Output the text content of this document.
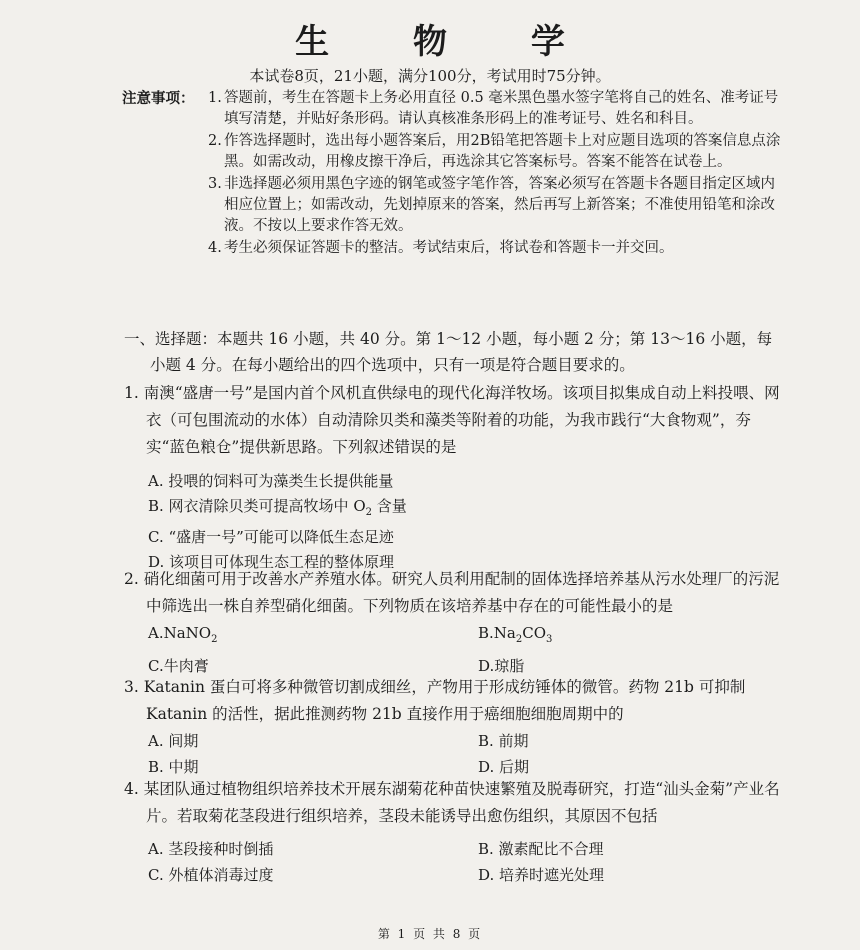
生 物 学
本试卷8页，21小题，满分100分，考试用时75分钟。
注意事项： 1. 答题前，考生在答题卡上务必用直径 0.5 毫米黑色墨水签字笔将自己的姓名、准考证号填写清楚，并贴好条形码。请认真核准条形码上的准考证号、姓名和科目。
2. 作答选择题时，选出每小题答案后，用2B铅笔把答题卡上对应题目选项的答案信息点涂黑。如需改动，用橡皮擦干净后，再选涂其它答案标号。答案不能答在试卷上。
3. 非选择题必须用黑色字迹的钢笔或签字笔作答，答案必须写在答题卡各题目指定区域内相应位置上；如需改动，先划掉原来的答案，然后再写上新答案；不准使用铅笔和涂改液。不按以上要求作答无效。
4. 考生必须保证答题卡的整洁。考试结束后，将试卷和答题卡一并交回。
一、选择题：本题共 16 小题，共 40 分。第 1～12 小题，每小题 2 分；第 13～16 小题，每小题 4 分。在每小题给出的四个选项中，只有一项是符合题目要求的。
1. 南澳“盛唐一号”是国内首个风机直供绿电的现代化海洋牧场。该项目拟集成自动上料投喂、网衣（可包围流动的水体）自动清除贝类和藻类等附着的功能，为我市践行“大食物观”，夯实“蓝色粮仓”提供新思路。下列叙述错误的是
A. 投喂的饲料可为藻类生长提供能量
B. 网衣清除贝类可提高牧场中 $O_2$ 含量
C. “盛唐一号”可能可以降低生态足迹
D. 该项目可体现生态工程的整体原理
2. 硝化细菌可用于改善水产养殖水体。研究人员利用配制的固体选择培养基从污水处理厂的污泥中筛选出一株自养型硝化细菌。下列物质在该培养基中存在的可能性最小的是
A.NaNO$_2$	$B.Na_2CO_3$
C.牛肉膏	D.琼脂
3. Katanin 蛋白可将多种微管切割成细丝，产物用于形成纺锤体的微管。药物 21b 可抑制 Katanin 的活性，据此推测药物 21b 直接作用于癌细胞细胞周期中的
A. 间期	B. 前期
B. 中期	D. 后期
4. 某团队通过植物组织培养技术开展东湖菊花种苗快速繁殖及脱毒研究，打造“汕头金菊”产业名片。若取菊花茎段进行组织培养，茎段未能诱导出愈伤组织，其原因不包括
A. 茎段接种时倒插	B. 激素配比不合理
C. 外植体消毒过度	D. 培养时遮光处理
第 1 页 共 8 页
